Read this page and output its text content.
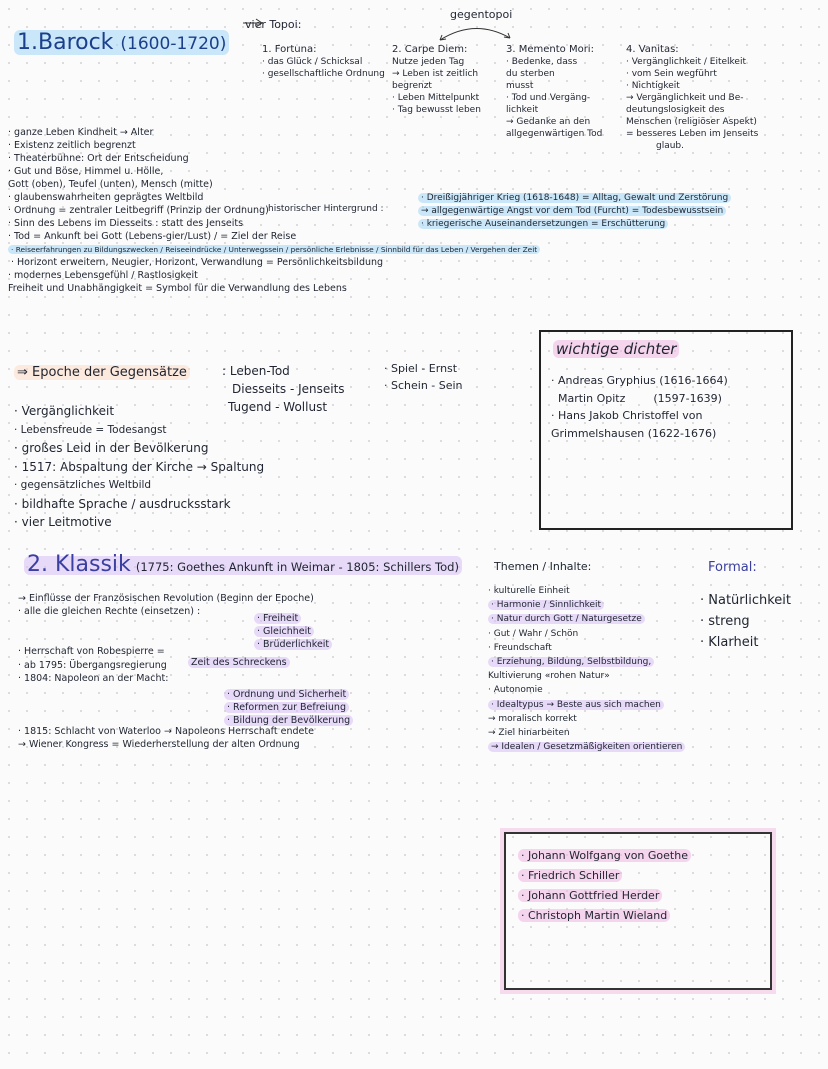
1.Barock (1600-1720)
vier Topoi:
gegentopoi
1. Fortuna:
· das Glück / Schicksal
· gesellschaftliche Ordnung
2. Carpe Diem:
Nutze jeden Tag
→ Leben ist zeitlich
begrenzt
· Leben Mittelpunkt
· Tag bewusst leben
3. Memento Mori:
· Bedenke, dass
du sterben
musst
· Tod und Vergäng-
lichkeit
→ Gedanke an den
allgegenwärtigen Tod
4. Vanitas:
· Vergänglichkeit / Eitelkeit
· vom Sein wegführt
· Nichtigkeit
→ Vergänglichkeit und Be-
deutungslosigkeit des
Menschen (religiöser Aspekt)
= besseres Leben im Jenseits
glaub.
· ganze Leben Kindheit → Alter
· Existenz zeitlich begrenzt
· Theaterbühne: Ort der Entscheidung
· Gut und Böse, Himmel u. Hölle,
Gott (oben), Teufel (unten), Mensch (mitte)
· glaubenswahrheiten geprägtes Weltbild
· Ordnung = zentraler Leitbegriff (Prinzip der Ordnung)
· Sinn des Lebens im Diesseits : statt des Jenseits
· Tod = Ankunft bei Gott (Lebens-gier/Lust) / = Ziel der Reise
· Reiseerfahrungen zu Bildungszwecken / Reiseeindrücke / Unterwegssein / persönliche Erlebnisse / Sinnbild für das Leben / Vergehen der Zeit
· Horizont erweitern, Neugier, Horizont, Verwandlung = Persönlichkeitsbildung
· modernes Lebensgefühl / Rastlosigkeit
Freiheit und Unabhängigkeit = Symbol für die Verwandlung des Lebens
historischer Hintergrund :
· Dreißigjähriger Krieg (1618-1648) = Alltag, Gewalt und Zerstörung
→ allgegenwärtige Angst vor dem Tod (Furcht) = Todesbewusstsein
· kriegerische Auseinandersetzungen = Erschütterung
⇒ Epoche der Gegensätze	: Leben-Tod
Diesseits - Jenseits
Tugend - Wollust
· Spiel - Ernst
· Schein - Sein
· Vergänglichkeit
· Lebensfreude = Todesangst
· großes Leid in der Bevölkerung
· 1517: Abspaltung der Kirche → Spaltung
· gegensätzliches Weltbild
· bildhafte Sprache / ausdrucksstark
· vier Leitmotive
wichtige dichter
· Andreas Gryphius (1616-1664)
Martin Opitz        (1597-1639)
· Hans Jakob Christoffel von
Grimmelshausen (1622-1676)
2. Klassik (1775: Goethes Ankunft in Weimar - 1805: Schillers Tod)
→ Einflüsse der Französischen Revolution (Beginn der Epoche)
· alle die gleichen Rechte (einsetzen) :
· Herrschaft von Robespierre =
· ab 1795: Übergangsregierung
· 1804: Napoleon an der Macht:
· 1815: Schlacht von Waterloo → Napoleons Herrschaft endete
→ Wiener Kongress = Wiederherstellung der alten Ordnung
· Freiheit
· Gleichheit
· Brüderlichkeit
Zeit des Schreckens
· Ordnung und Sicherheit
· Reformen zur Befreiung
· Bildung der Bevölkerung
Themen / Inhalte:
· kulturelle Einheit
· Harmonie / Sinnlichkeit
· Natur durch Gott / Naturgesetze
· Gut / Wahr / Schön
· Freundschaft
· Erziehung, Bildung, Selbstbildung,
Kultivierung «rohen Natur»
· Autonomie
· Idealtypus → Beste aus sich machen
→ moralisch korrekt
→ Ziel hinarbeiten
→ Idealen / Gesetzmäßigkeiten orientieren
Formal:
· Natürlichkeit
· streng
· Klarheit
· Johann Wolfgang von Goethe
· Friedrich Schiller
· Johann Gottfried Herder
· Christoph Martin Wieland
